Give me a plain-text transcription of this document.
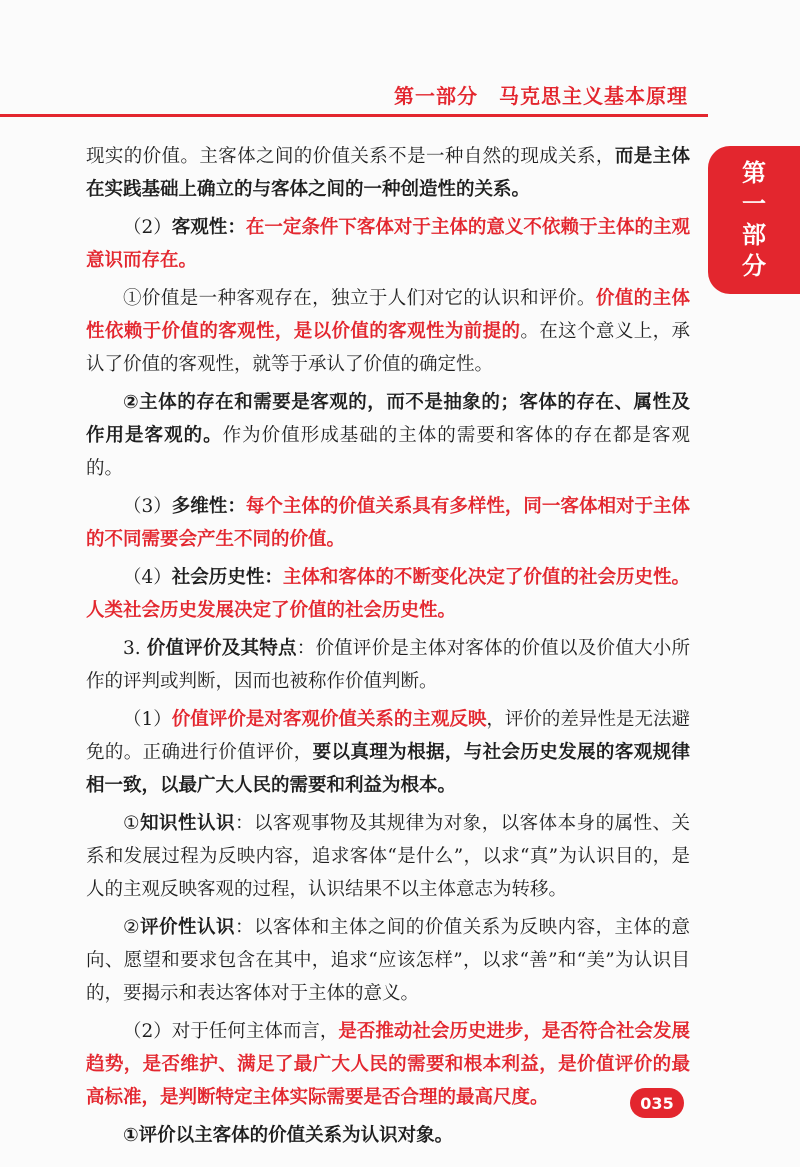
第一部分　马克思主义基本原理
第
一
部
分

现实的价值。主客体之间的价值关系不是一种自然的现成关系，而是主体在实践基础上确立的与客体之间的一种创造性的关系。

（2）客观性：在一定条件下客体对于主体的意义不依赖于主体的主观意识而存在。

①价值是一种客观存在，独立于人们对它的认识和评价。价值的主体性依赖于价值的客观性，是以价值的客观性为前提的。在这个意义上，承认了价值的客观性，就等于承认了价值的确定性。

②主体的存在和需要是客观的，而不是抽象的；客体的存在、属性及作用是客观的。作为价值形成基础的主体的需要和客体的存在都是客观的。

（3）多维性：每个主体的价值关系具有多样性，同一客体相对于主体的不同需要会产生不同的价值。

（4）社会历史性：主体和客体的不断变化决定了价值的社会历史性。人类社会历史发展决定了价值的社会历史性。

3. 价值评价及其特点：价值评价是主体对客体的价值以及价值大小所作的评判或判断，因而也被称作价值判断。

（1）价值评价是对客观价值关系的主观反映，评价的差异性是无法避免的。正确进行价值评价，要以真理为根据，与社会历史发展的客观规律相一致，以最广大人民的需要和利益为根本。

①知识性认识：以客观事物及其规律为对象，以客体本身的属性、关系和发展过程为反映内容，追求客体“是什么”，以求“真”为认识目的，是人的主观反映客观的过程，认识结果不以主体意志为转移。

②评价性认识：以客体和主体之间的价值关系为反映内容，主体的意向、愿望和要求包含在其中，追求“应该怎样”，以求“善”和“美”为认识目的，要揭示和表达客体对于主体的意义。

（2）对于任何主体而言，是否推动社会历史进步，是否符合社会发展趋势，是否维护、满足了最广大人民的需要和根本利益，是价值评价的最高标准，是判断特定主体实际需要是否合理的最高尺度。

①评价以主客体的价值关系为认识对象。

035
